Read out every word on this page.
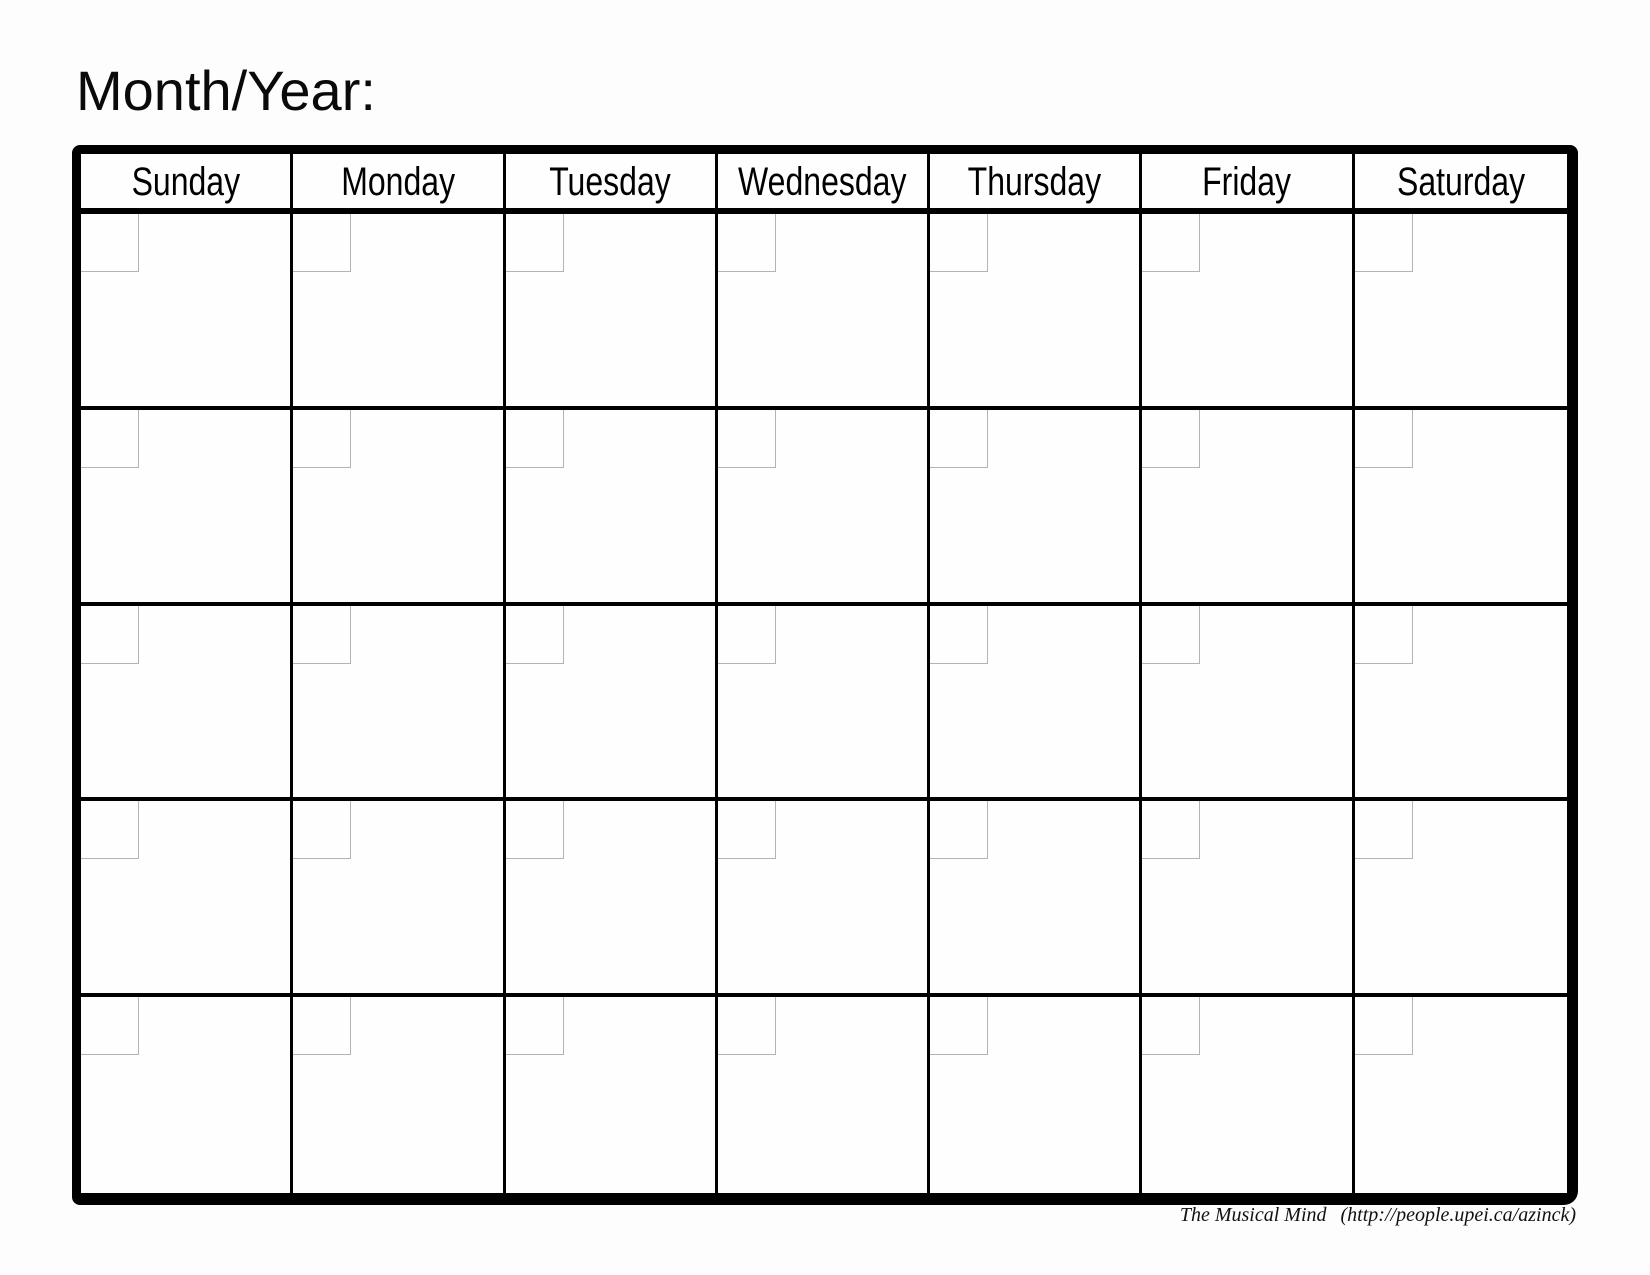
Month/Year:
Sunday	Monday Tuesday Wednesday Thursday	Friday	Saturday
The Musical Mind (http://people.upei.ca/azinck)
